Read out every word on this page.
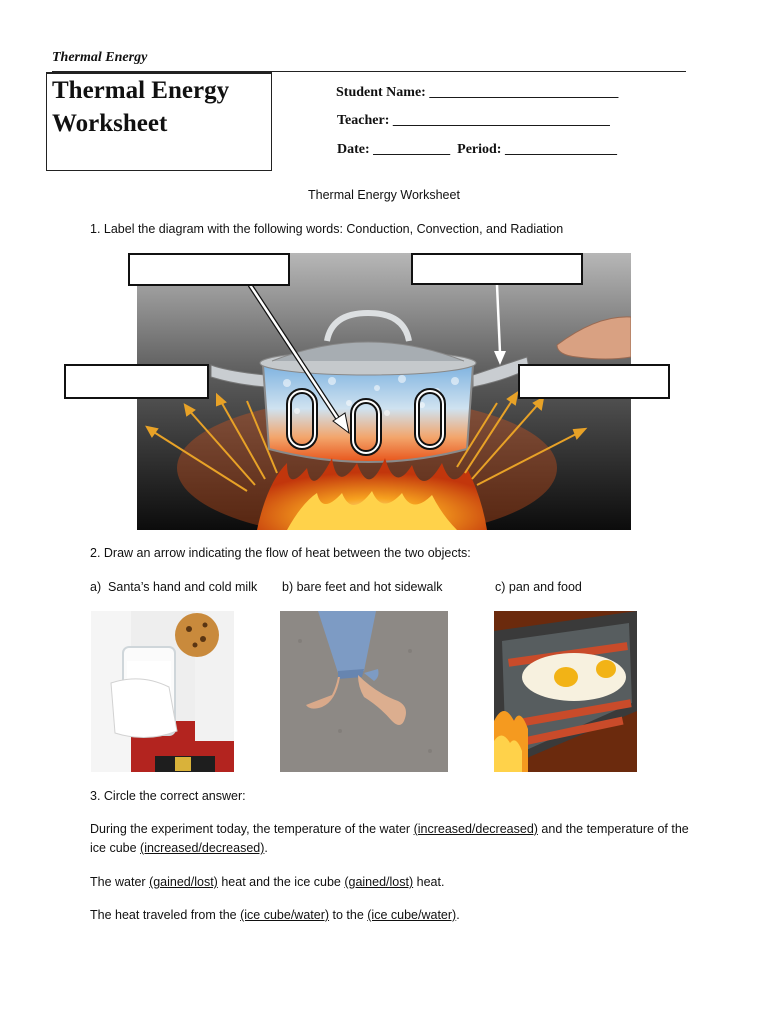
Thermal Energy
Thermal Energy
Worksheet
Student Name: ___________________________
Teacher: _______________________________
Date: ___________  Period: ________________
Thermal Energy Worksheet
1. Label the diagram with the following words: Conduction, Convection, and Radiation
2. Draw an arrow indicating the flow of heat between the two objects:
a)  Santa’s hand and cold milk b) bare feet and hot sidewalk	c) pan and food
3. Circle the correct answer:
During the experiment today, the temperature of the water (increased/decreased) and the temperature of the ice cube (increased/decreased).
The water (gained/lost) heat and the ice cube (gained/lost) heat.
The heat traveled from the (ice cube/water) to the (ice cube/water).
